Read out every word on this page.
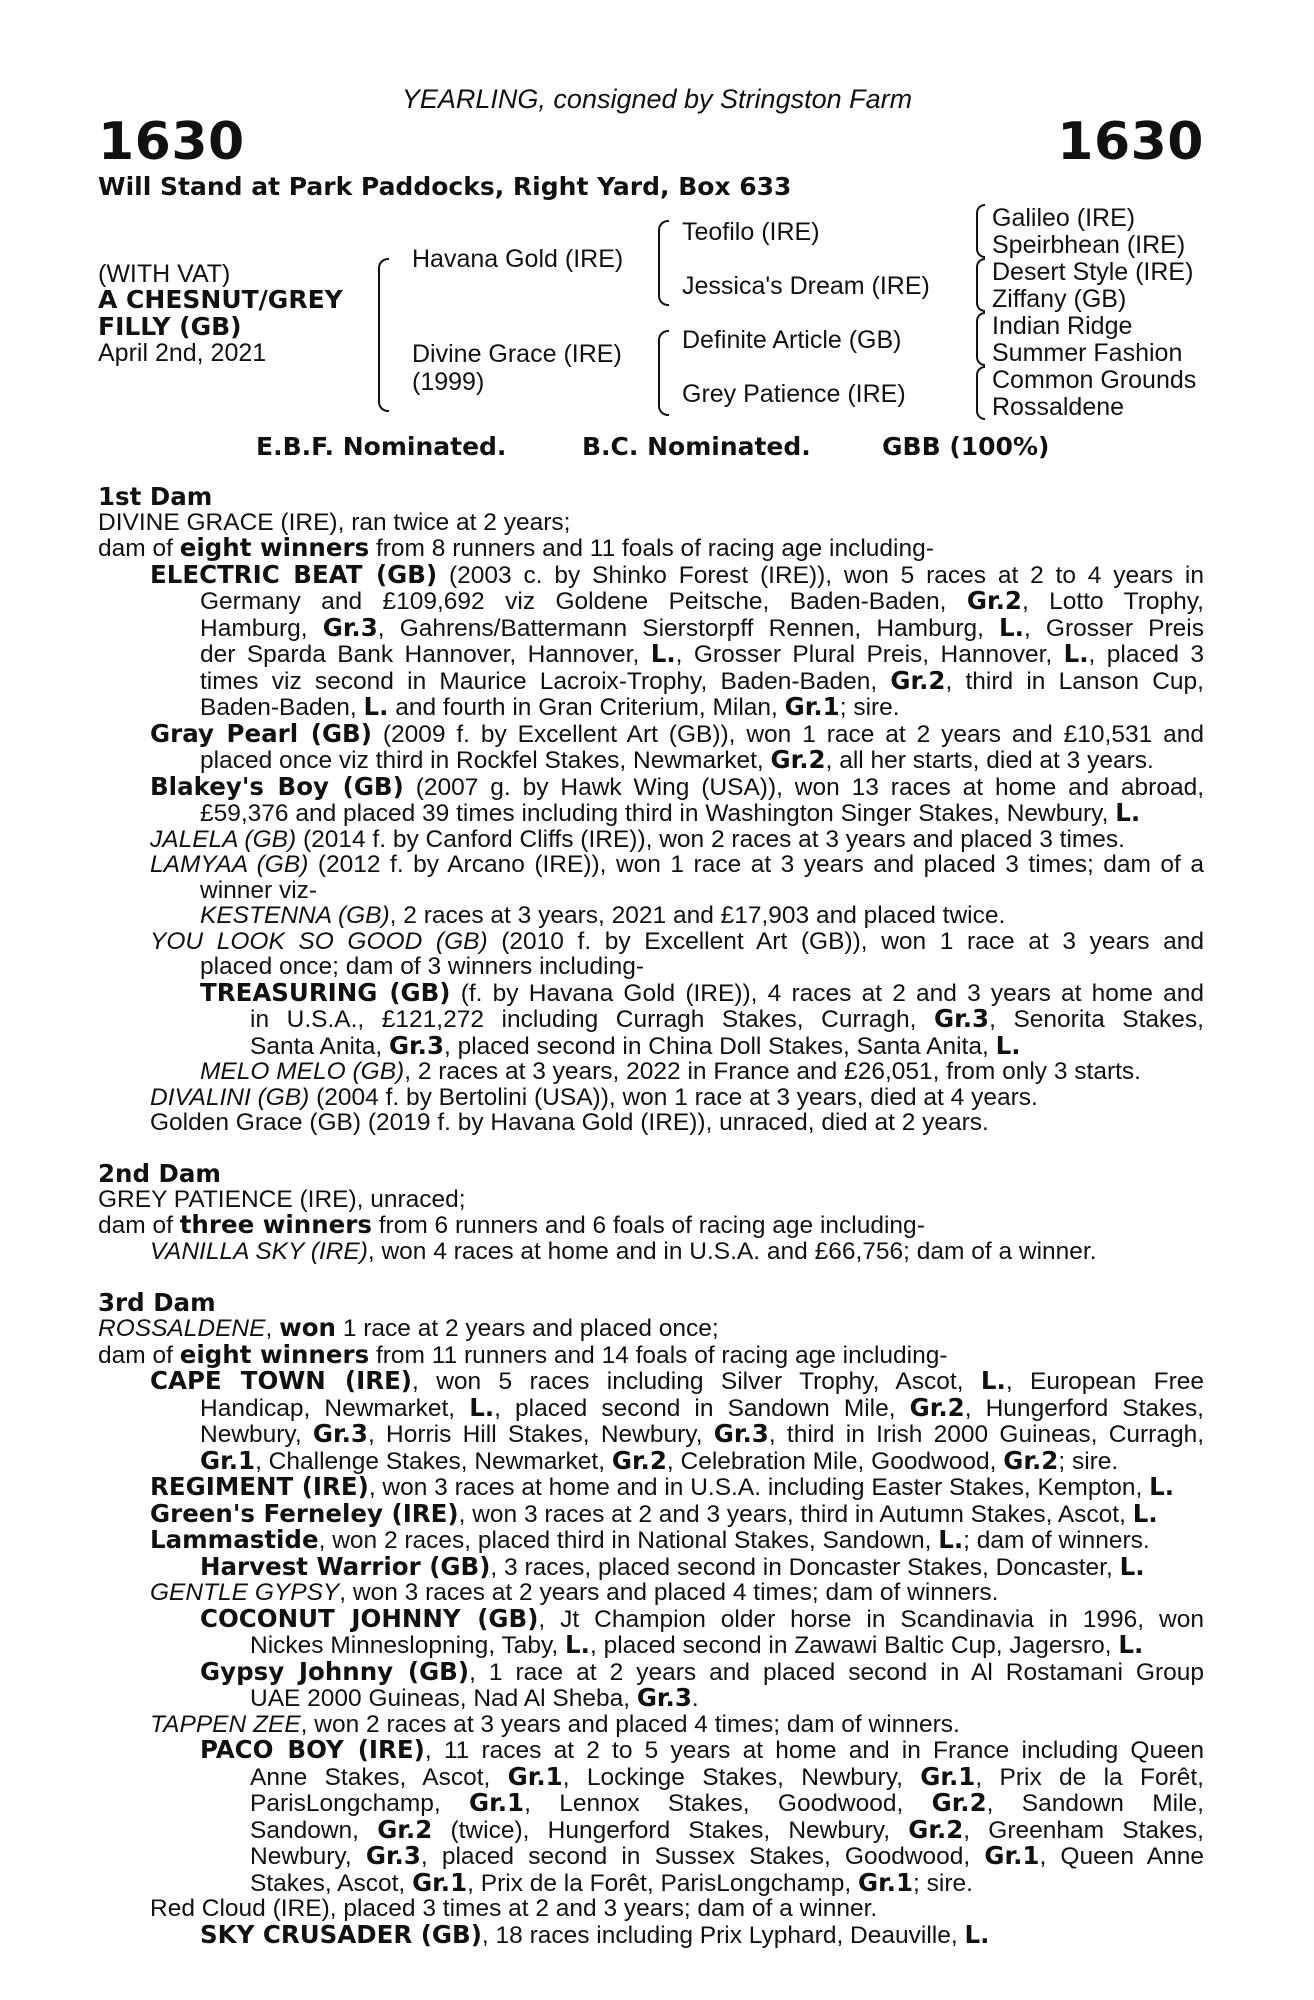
YEARLING, consigned by Stringston Farm
1630	1630
Will Stand at Park Paddocks, Right Yard, Box 633
(WITH VAT)
A CHESNUT/GREY
FILLY (GB)
April 2nd, 2021
Havana Gold (IRE)
Divine Grace (IRE)
(1999)
Teofilo (IRE)
Jessica's Dream (IRE)
Definite Article (GB)
Grey Patience (IRE)
Galileo (IRE)
Speirbhean (IRE)
Desert Style (IRE)
Ziffany (GB)
Indian Ridge
Summer Fashion
Common Grounds
Rossaldene
E.B.F. Nominated.	B.C. Nominated.	GBB (100%)
1st Dam
DIVINE GRACE (IRE), ran twice at 2 years;
dam of eight winners from 8 runners and 11 foals of racing age including-
ELECTRIC BEAT (GB) (2003 c. by Shinko Forest (IRE)), won 5 races at 2 to 4 years in
Germany and £109,692 viz Goldene Peitsche, Baden-Baden, Gr.2, Lotto Trophy,
Hamburg, Gr.3, Gahrens/Battermann Sierstorpff Rennen, Hamburg, L., Grosser Preis
der Sparda Bank Hannover, Hannover, L., Grosser Plural Preis, Hannover, L., placed 3
times viz second in Maurice Lacroix-Trophy, Baden-Baden, Gr.2, third in Lanson Cup,
Baden-Baden, L. and fourth in Gran Criterium, Milan, Gr.1; sire.
Gray Pearl (GB) (2009 f. by Excellent Art (GB)), won 1 race at 2 years and £10,531 and
placed once viz third in Rockfel Stakes, Newmarket, Gr.2, all her starts, died at 3 years.
Blakey's Boy (GB) (2007 g. by Hawk Wing (USA)), won 13 races at home and abroad,
£59,376 and placed 39 times including third in Washington Singer Stakes, Newbury, L.
JALELA (GB) (2014 f. by Canford Cliffs (IRE)), won 2 races at 3 years and placed 3 times.
LAMYAA (GB) (2012 f. by Arcano (IRE)), won 1 race at 3 years and placed 3 times; dam of a
winner viz-
KESTENNA (GB), 2 races at 3 years, 2021 and £17,903 and placed twice.
YOU LOOK SO GOOD (GB) (2010 f. by Excellent Art (GB)), won 1 race at 3 years and
placed once; dam of 3 winners including-
TREASURING (GB) (f. by Havana Gold (IRE)), 4 races at 2 and 3 years at home and
in U.S.A., £121,272 including Curragh Stakes, Curragh, Gr.3, Senorita Stakes,
Santa Anita, Gr.3, placed second in China Doll Stakes, Santa Anita, L.
MELO MELO (GB), 2 races at 3 years, 2022 in France and £26,051, from only 3 starts.
DIVALINI (GB) (2004 f. by Bertolini (USA)), won 1 race at 3 years, died at 4 years.
Golden Grace (GB) (2019 f. by Havana Gold (IRE)), unraced, died at 2 years.
2nd Dam
GREY PATIENCE (IRE), unraced;
dam of three winners from 6 runners and 6 foals of racing age including-
VANILLA SKY (IRE), won 4 races at home and in U.S.A. and £66,756; dam of a winner.
3rd Dam
ROSSALDENE, won 1 race at 2 years and placed once;
dam of eight winners from 11 runners and 14 foals of racing age including-
CAPE TOWN (IRE), won 5 races including Silver Trophy, Ascot, L., European Free
Handicap, Newmarket, L., placed second in Sandown Mile, Gr.2, Hungerford Stakes,
Newbury, Gr.3, Horris Hill Stakes, Newbury, Gr.3, third in Irish 2000 Guineas, Curragh,
Gr.1, Challenge Stakes, Newmarket, Gr.2, Celebration Mile, Goodwood, Gr.2; sire.
REGIMENT (IRE), won 3 races at home and in U.S.A. including Easter Stakes, Kempton, L.
Green's Ferneley (IRE), won 3 races at 2 and 3 years, third in Autumn Stakes, Ascot, L.
Lammastide, won 2 races, placed third in National Stakes, Sandown, L.; dam of winners.
Harvest Warrior (GB), 3 races, placed second in Doncaster Stakes, Doncaster, L.
GENTLE GYPSY, won 3 races at 2 years and placed 4 times; dam of winners.
COCONUT JOHNNY (GB), Jt Champion older horse in Scandinavia in 1996, won
Nickes Minneslopning, Taby, L., placed second in Zawawi Baltic Cup, Jagersro, L.
Gypsy Johnny (GB), 1 race at 2 years and placed second in Al Rostamani Group
UAE 2000 Guineas, Nad Al Sheba, Gr.3.
TAPPEN ZEE, won 2 races at 3 years and placed 4 times; dam of winners.
PACO BOY (IRE), 11 races at 2 to 5 years at home and in France including Queen
Anne Stakes, Ascot, Gr.1, Lockinge Stakes, Newbury, Gr.1, Prix de la Forêt,
ParisLongchamp, Gr.1, Lennox Stakes, Goodwood, Gr.2, Sandown Mile,
Sandown, Gr.2 (twice), Hungerford Stakes, Newbury, Gr.2, Greenham Stakes,
Newbury, Gr.3, placed second in Sussex Stakes, Goodwood, Gr.1, Queen Anne
Stakes, Ascot, Gr.1, Prix de la Forêt, ParisLongchamp, Gr.1; sire.
Red Cloud (IRE), placed 3 times at 2 and 3 years; dam of a winner.
SKY CRUSADER (GB), 18 races including Prix Lyphard, Deauville, L.
